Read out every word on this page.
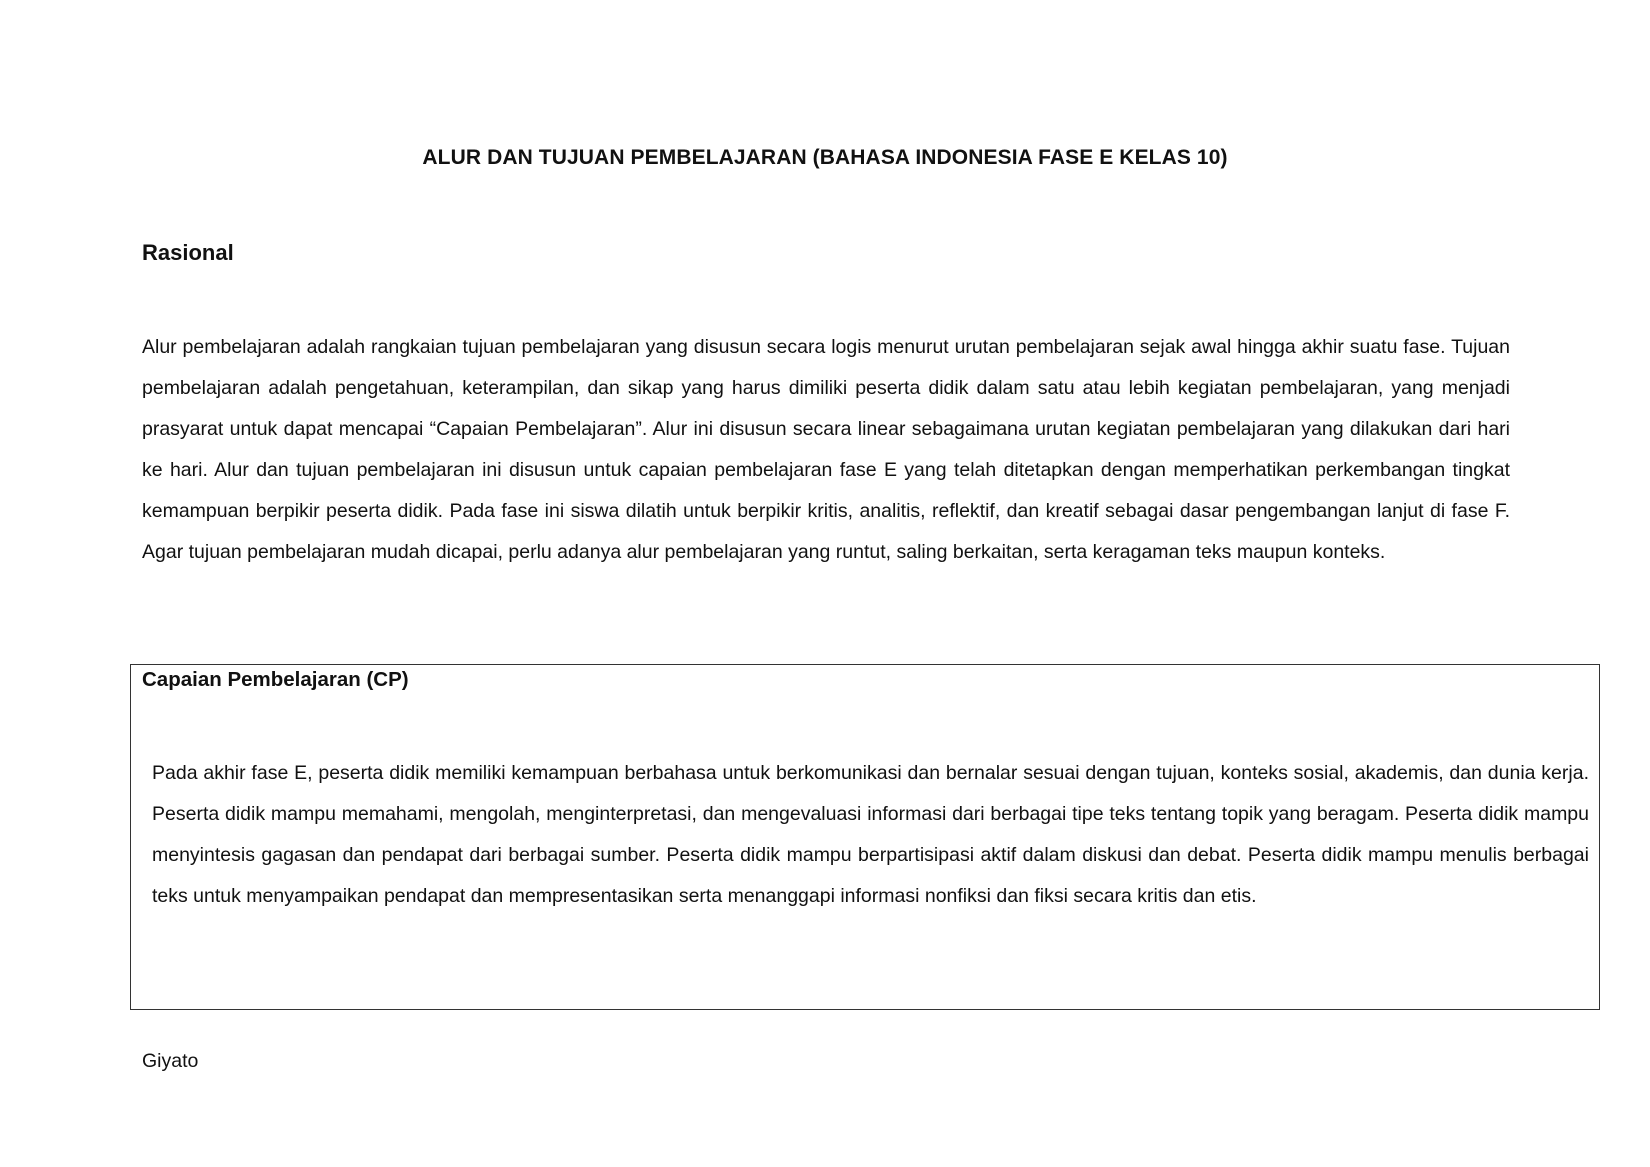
ALUR DAN TUJUAN PEMBELAJARAN (BAHASA INDONESIA FASE E KELAS 10)
Rasional

Alur pembelajaran adalah rangkaian tujuan pembelajaran yang disusun secara logis menurut urutan pembelajaran sejak awal hingga akhir suatu fase. Tujuan pembelajaran adalah pengetahuan, keterampilan, dan sikap yang harus dimiliki peserta didik dalam satu atau lebih kegiatan pembelajaran, yang menjadi prasyarat untuk dapat mencapai “Capaian Pembelajaran”. Alur ini disusun secara linear sebagaimana urutan kegiatan pembelajaran yang dilakukan dari hari ke hari. Alur dan tujuan pembelajaran ini disusun untuk capaian pembelajaran fase E yang telah ditetapkan dengan memperhatikan perkembangan tingkat kemampuan berpikir peserta didik. Pada fase ini siswa dilatih untuk berpikir kritis, analitis, reflektif, dan kreatif sebagai dasar pengembangan lanjut di fase F. Agar tujuan pembelajaran mudah dicapai, perlu adanya alur pembelajaran yang runtut, saling berkaitan, serta keragaman teks maupun konteks.

Capaian Pembelajaran (CP)

Pada akhir fase E, peserta didik memiliki kemampuan berbahasa untuk berkomunikasi dan bernalar sesuai dengan tujuan, konteks sosial, akademis, dan dunia kerja. Peserta didik mampu memahami, mengolah, menginterpretasi, dan mengevaluasi informasi dari berbagai tipe teks tentang topik yang beragam. Peserta didik mampu menyintesis gagasan dan pendapat dari berbagai sumber. Peserta didik mampu berpartisipasi aktif dalam diskusi dan debat. Peserta didik mampu menulis berbagai teks untuk menyampaikan pendapat dan mempresentasikan serta menanggapi informasi nonfiksi dan fiksi secara kritis dan etis.

Giyato
